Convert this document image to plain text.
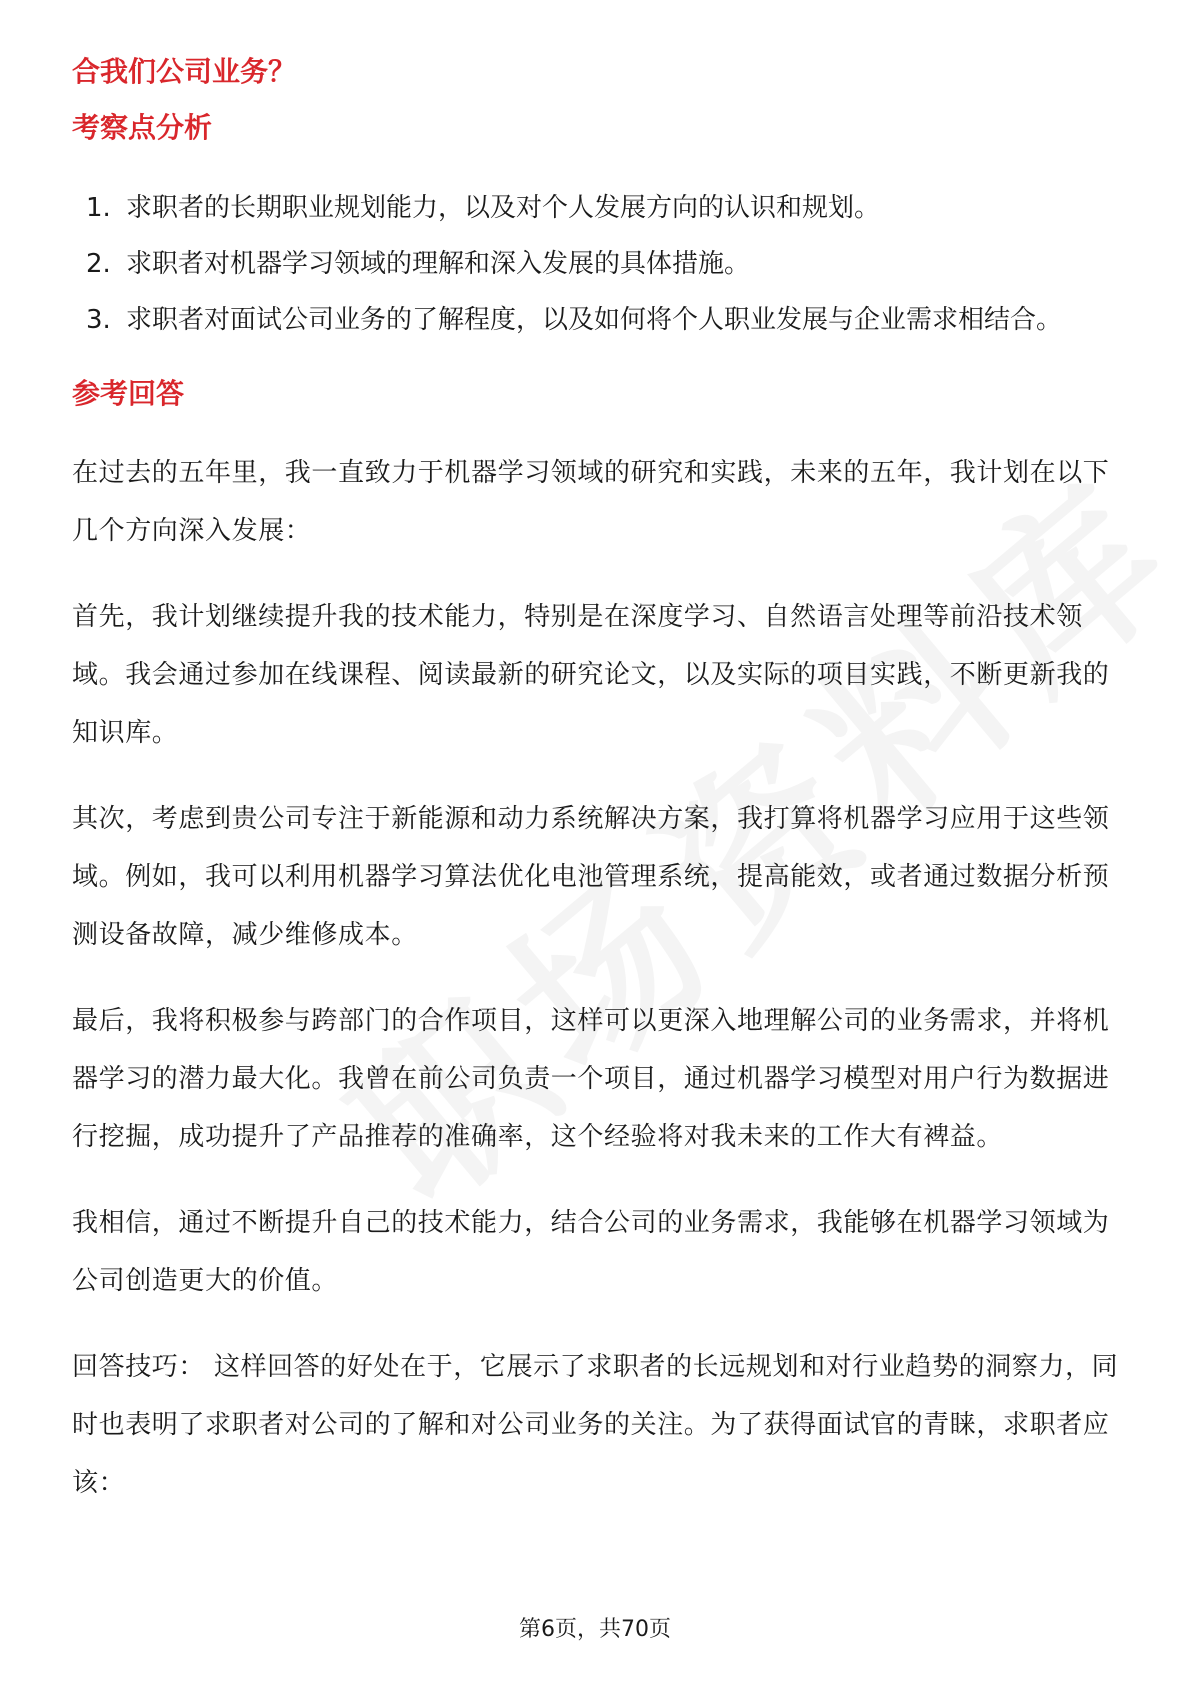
合我们公司业务？

考察点分析

1. 求职者的长期职业规划能力，以及对个人发展方向的认识和规划。
2. 求职者对机器学习领域的理解和深入发展的具体措施。
3. 求职者对面试公司业务的了解程度，以及如何将个人职业发展与企业需求相结合。

参考回答

在过去的五年里，我一直致力于机器学习领域的研究和实践，未来的五年，我计划在以下几个方向深入发展：

首先，我计划继续提升我的技术能力，特别是在深度学习、自然语言处理等前沿技术领域。我会通过参加在线课程、阅读最新的研究论文，以及实际的项目实践，不断更新我的知识库。

其次，考虑到贵公司专注于新能源和动力系统解决方案，我打算将机器学习应用于这些领域。例如，我可以利用机器学习算法优化电池管理系统，提高能效，或者通过数据分析预测设备故障，减少维修成本。

最后，我将积极参与跨部门的合作项目，这样可以更深入地理解公司的业务需求，并将机器学习的潜力最大化。我曾在前公司负责一个项目，通过机器学习模型对用户行为数据进行挖掘，成功提升了产品推荐的准确率，这个经验将对我未来的工作大有裨益。

我相信，通过不断提升自己的技术能力，结合公司的业务需求，我能够在机器学习领域为公司创造更大的价值。

回答技巧： 这样回答的好处在于，它展示了求职者的长远规划和对行业趋势的洞察力，同时也表明了求职者对公司的了解和对公司业务的关注。为了获得面试官的青睐，求职者应该：

第6页，共70页
